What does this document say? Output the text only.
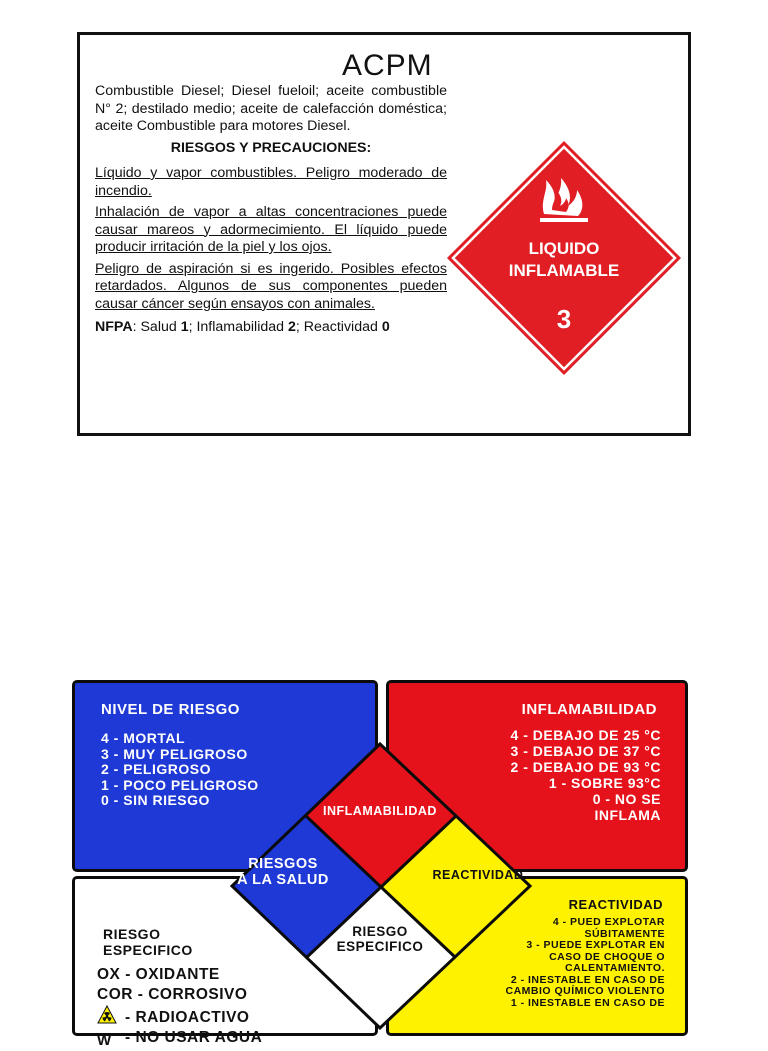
ACPM

Combustible Diesel; Diesel fueloil; aceite combustible N° 2; destilado medio; aceite de calefacción doméstica; aceite Combustible para motores Diesel.

RIESGOS Y PRECAUCIONES:

Líquido y vapor combustibles. Peligro moderado de incendio.

Inhalación de vapor a altas concentraciones puede causar mareos y adormecimiento. El líquido puede producir irritación de la piel y los ojos.

Peligro de aspiración si es ingerido. Posibles efectos retardados. Algunos de sus componentes pueden causar cáncer según ensayos con animales.

NFPA: Salud 1; Inflamabilidad 2; Reactividad 0

LIQUIDO
INFLAMABLE
3
NIVEL DE RIESGO
4 - MORTAL
3 - MUY PELIGROSO
2 - PELIGROSO
1 - POCO PELIGROSO
0 - SIN RIESGO
INFLAMABILIDAD
4 - DEBAJO DE 25 °C
3 - DEBAJO DE 37 °C
2 - DEBAJO DE 93 °C
1 - SOBRE 93°C
0 - NO SE
INFLAMA
RIESGO
ESPECIFICO
OX - OXIDANTE
COR - CORROSIVO
- RADIOACTIVO
W - NO USAR AGUA
REACTIVIDAD
4 - PUED EXPLOTAR
SÚBITAMENTE
3 - PUEDE EXPLOTAR EN
CASO DE CHOQUE O
CALENTAMIENTO.
2 - INESTABLE EN CASO DE
CAMBIO QUÍMICO VIOLENTO
1 - INESTABLE EN CASO DE
INFLAMABILIDAD
RIESGOS
A LA SALUD	REACTIVIDAD
RIESGO
ESPECIFICO
